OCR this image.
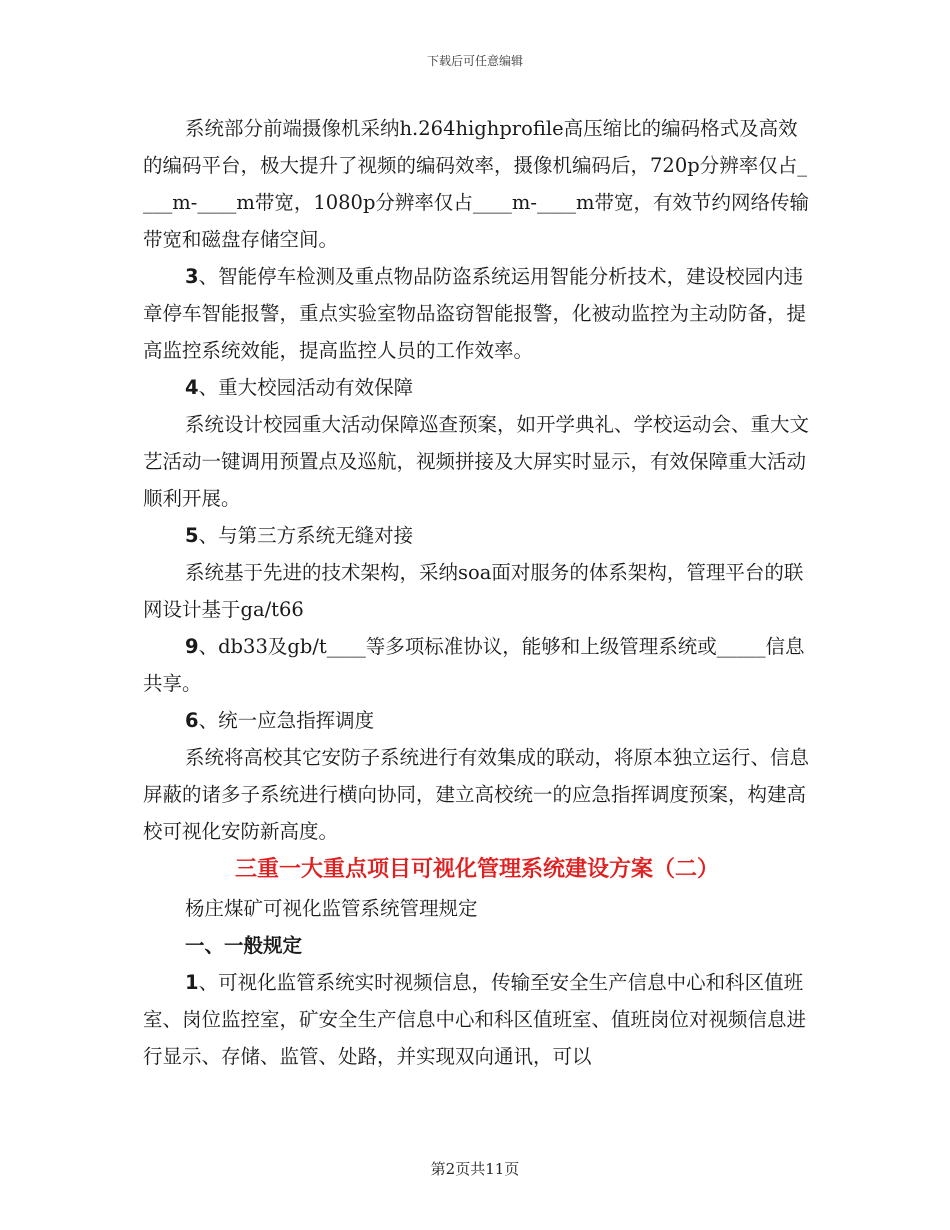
下载后可任意编辑

系统部分前端摄像机采纳h.264highprofile高压缩比的编码格式及高效的编码平台，极大提升了视频的编码效率，摄像机编码后，720p分辨率仅占____m-____m带宽，1080p分辨率仅占____m-____m带宽，有效节约网络传输带宽和磁盘存储空间。

3、智能停车检测及重点物品防盗系统运用智能分析技术，建设校园内违章停车智能报警，重点实验室物品盗窃智能报警，化被动监控为主动防备，提高监控系统效能，提高监控人员的工作效率。

4、重大校园活动有效保障

系统设计校园重大活动保障巡查预案，如开学典礼、学校运动会、重大文艺活动一键调用预置点及巡航，视频拼接及大屏实时显示，有效保障重大活动顺利开展。

5、与第三方系统无缝对接

系统基于先进的技术架构，采纳soa面对服务的体系架构，管理平台的联网设计基于ga/t66

9、db33及gb/t____等多项标准协议，能够和上级管理系统或_____信息共享。

6、统一应急指挥调度

系统将高校其它安防子系统进行有效集成的联动，将原本独立运行、信息屏蔽的诸多子系统进行横向协同，建立高校统一的应急指挥调度预案，构建高校可视化安防新高度。

三重一大重点项目可视化管理系统建设方案（二）

杨庄煤矿可视化监管系统管理规定

一、一般规定

1、可视化监管系统实时视频信息，传输至安全生产信息中心和科区值班室、岗位监控室，矿安全生产信息中心和科区值班室、值班岗位对视频信息进行显示、存储、监管、处路，并实现双向通讯，可以

第2页共11页
